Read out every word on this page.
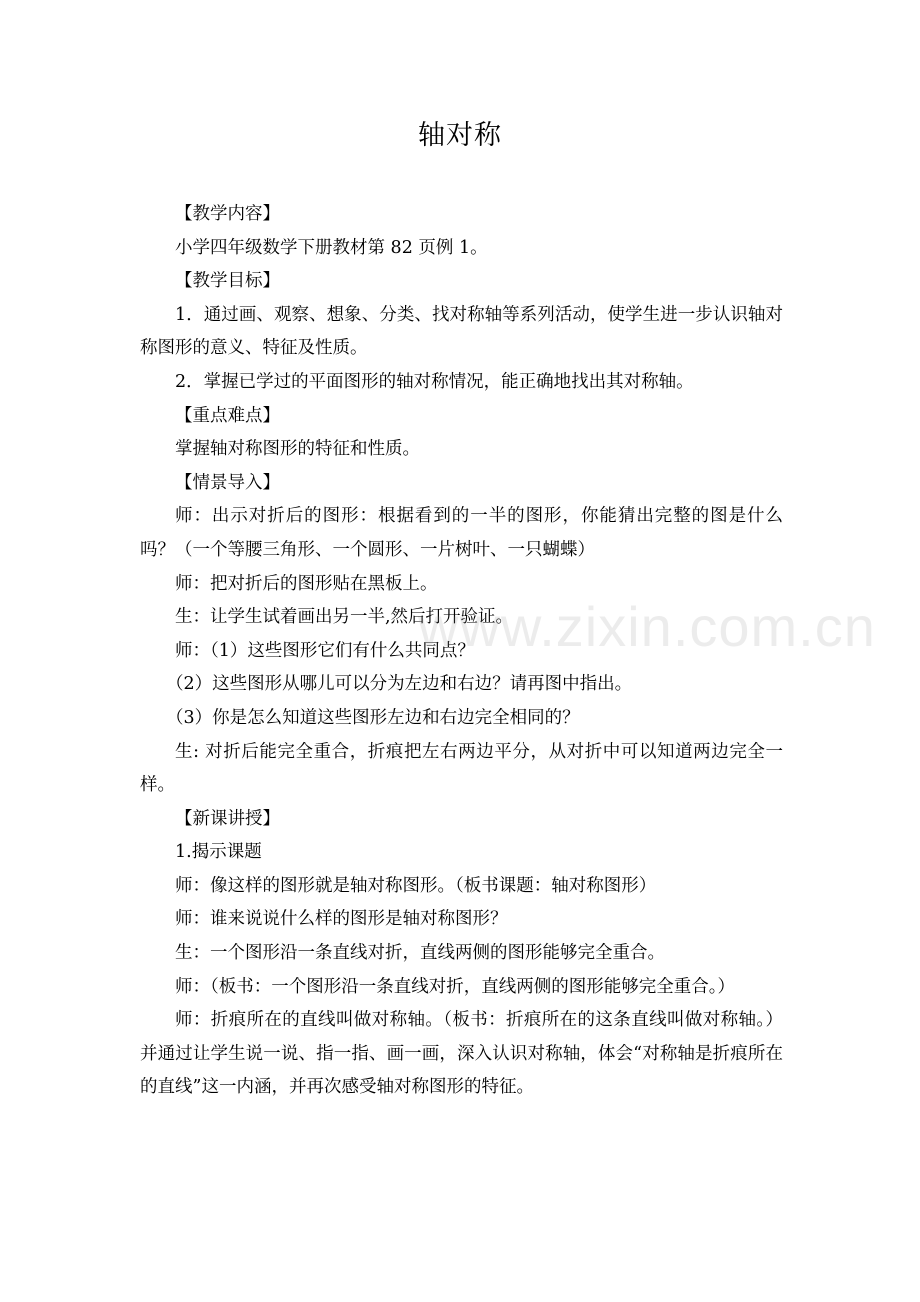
轴对称

【教学内容】

小学四年级数学下册教材第 82 页例 1。

【教学目标】

1．通过画、观察、想象、分类、找对称轴等系列活动，使学生进一步认识轴对称图形的意义、特征及性质。

2．掌握已学过的平面图形的轴对称情况，能正确地找出其对称轴。

【重点难点】

掌握轴对称图形的特征和性质。

【情景导入】

师：出示对折后的图形：根据看到的一半的图形，你能猜出完整的图是什么吗？（一个等腰三角形、一个圆形、一片树叶、一只蝴蝶）

师：把对折后的图形贴在黑板上。

生：让学生试着画出另一半,然后打开验证。

师：（1）这些图形它们有什么共同点？

（2）这些图形从哪儿可以分为左边和右边？请再图中指出。

（3）你是怎么知道这些图形左边和右边完全相同的？

生: 对折后能完全重合，折痕把左右两边平分，从对折中可以知道两边完全一样。

【新课讲授】

1.揭示课题

师：像这样的图形就是轴对称图形。（板书课题：轴对称图形）

师：谁来说说什么样的图形是轴对称图形？

生：一个图形沿一条直线对折，直线两侧的图形能够完全重合。

师：（板书：一个图形沿一条直线对折，直线两侧的图形能够完全重合。）

师：折痕所在的直线叫做对称轴。（板书：折痕所在的这条直线叫做对称轴。）并通过让学生说一说、指一指、画一画，深入认识对称轴，体会“对称轴是折痕所在的直线”这一内涵，并再次感受轴对称图形的特征。

www.zixin.com.cn
